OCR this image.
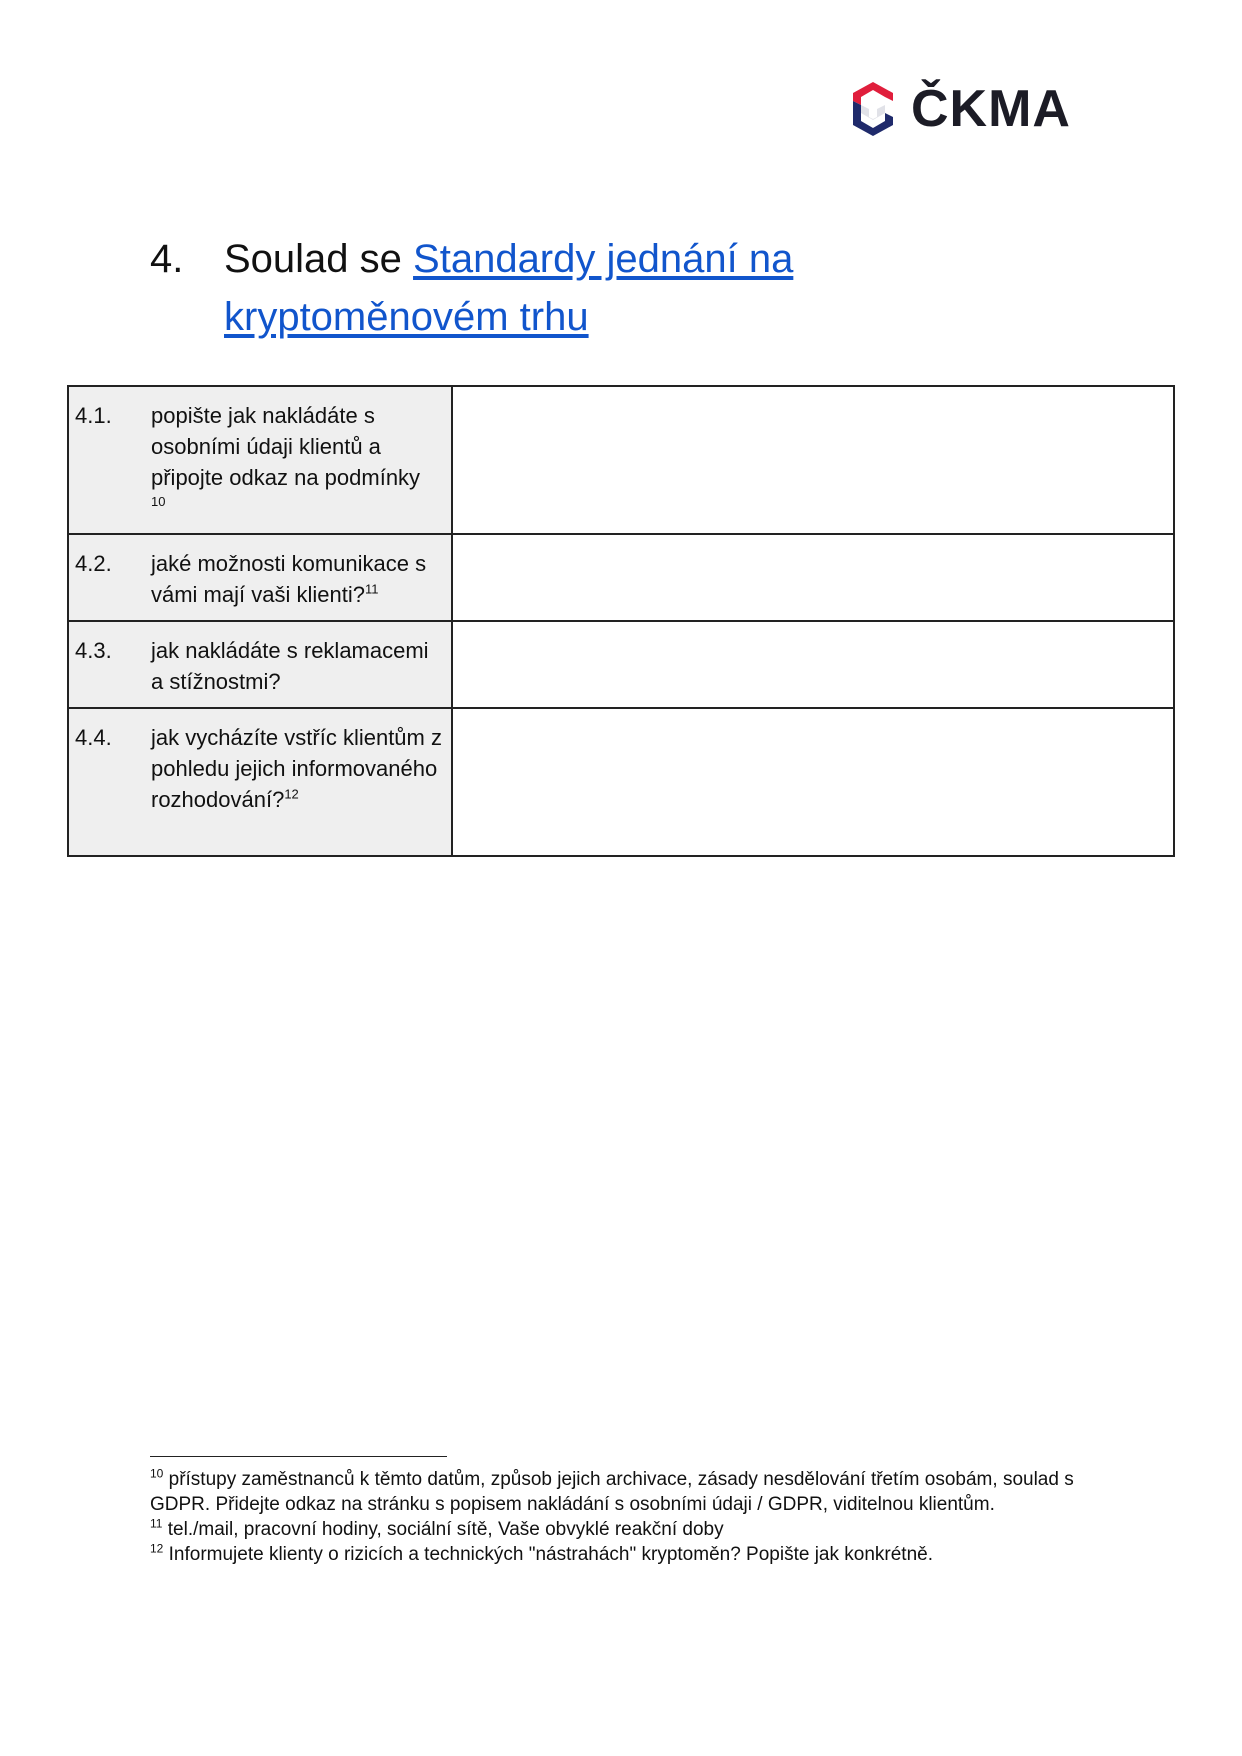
ČKMA
4.	Soulad se Standardy jednání na
kryptoměnovém trhu
4.1. popište jak nakládáte s osobními údaji klientů a připojte odkaz na podmínky
10	

4.2. jaké možnosti komunikace s vámi mají vaši klienti?$^{11}$

4.3. jak nakládáte s reklamacemi a stížnostmi?	

4.4. jak vycházíte vstříc klientům z pohledu jejich informovaného rozhodování?$^{12}$

$^{10}$ přístupy zaměstnanců k těmto datům, způsob jejich archivace, zásady nesdělování třetím osobám, soulad s GDPR. Přidejte odkaz na stránku s popisem nakládání s osobními údaji / GDPR, viditelnou klientům.
$^{11}$ tel./mail, pracovní hodiny, sociální sítě, Vaše obvyklé reakční doby
$^{12}$ Informujete klienty o rizicích a technických "nástrahách" kryptoměn? Popište jak konkrétně.
